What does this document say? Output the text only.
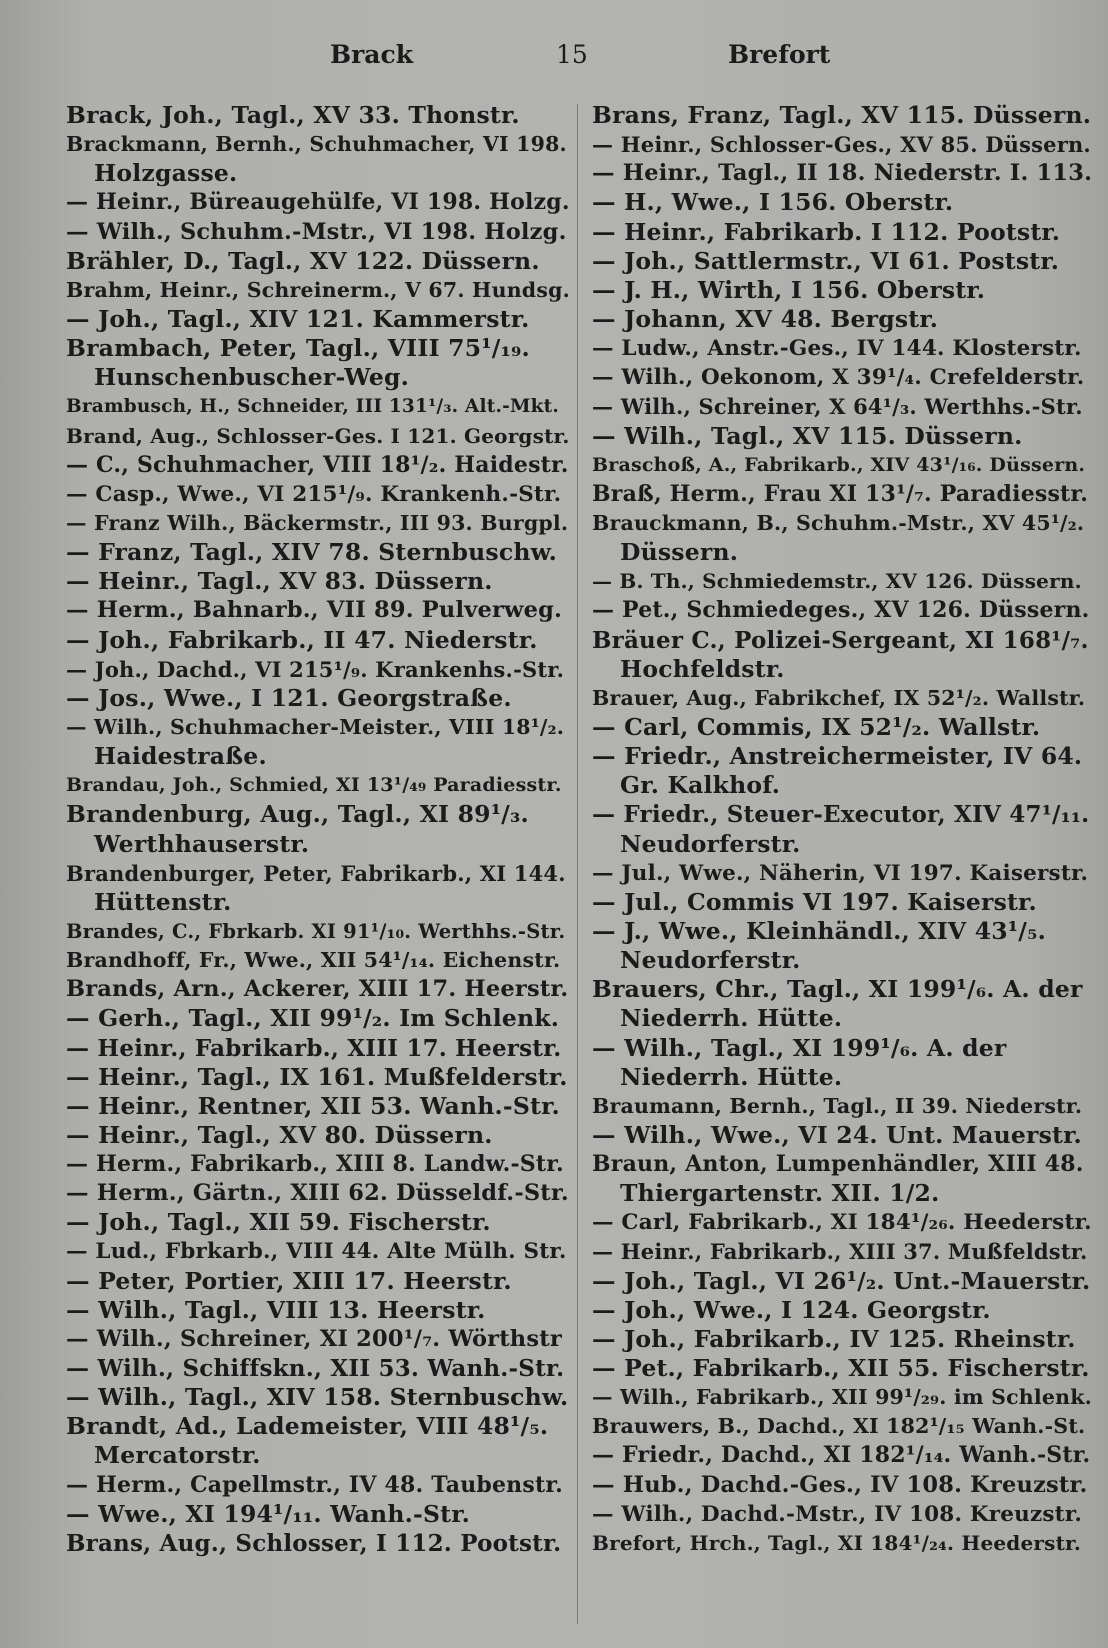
Brack	15	Brefort
Brack, Joh., Tagl., XV 33. Thonstr.
Brackmann, Bernh., Schuhmacher, VI 198.
Holzgasse.
— Heinr., Büreaugehülfe, VI 198. Holzg.
— Wilh., Schuhm.-Mstr., VI 198. Holzg.
Brähler, D., Tagl., XV 122. Düssern.
Brahm, Heinr., Schreinerm., V 67. Hundsg.
— Joh., Tagl., XIV 121. Kammerstr.
Brambach, Peter, Tagl., VIII 75¹/₁₉.
Hunschenbuscher-Weg.
Brambusch, H., Schneider, III 131¹/₃. Alt.-Mkt.
Brand, Aug., Schlosser-Ges. I 121. Georgstr.
— C., Schuhmacher, VIII 18¹/₂. Haidestr.
— Casp., Wwe., VI 215¹/₉. Krankenh.-Str.
— Franz Wilh., Bäckermstr., III 93. Burgpl.
— Franz, Tagl., XIV 78. Sternbuschw.
— Heinr., Tagl., XV 83. Düssern.
— Herm., Bahnarb., VII 89. Pulverweg.
— Joh., Fabrikarb., II 47. Niederstr.
— Joh., Dachd., VI 215¹/₉. Krankenhs.-Str.
— Jos., Wwe., I 121. Georgstraße.
— Wilh., Schuhmacher-Meister., VIII 18¹/₂.
Haidestraße.
Brandau, Joh., Schmied, XI 13¹/₄₉ Paradiesstr.
Brandenburg, Aug., Tagl., XI 89¹/₃.
Werthhauserstr.
Brandenburger, Peter, Fabrikarb., XI 144.
Hüttenstr.
Brandes, C., Fbrkarb. XI 91¹/₁₀. Werthhs.-Str.
Brandhoff, Fr., Wwe., XII 54¹/₁₄. Eichenstr.
Brands, Arn., Ackerer, XIII 17. Heerstr.
— Gerh., Tagl., XII 99¹/₂. Im Schlenk.
— Heinr., Fabrikarb., XIII 17. Heerstr.
— Heinr., Tagl., IX 161. Mußfelderstr.
— Heinr., Rentner, XII 53. Wanh.-Str.
— Heinr., Tagl., XV 80. Düssern.
— Herm., Fabrikarb., XIII 8. Landw.-Str.
— Herm., Gärtn., XIII 62. Düsseldf.-Str.
— Joh., Tagl., XII 59. Fischerstr.
— Lud., Fbrkarb., VIII 44. Alte Mülh. Str.
— Peter, Portier, XIII 17. Heerstr.
— Wilh., Tagl., VIII 13. Heerstr.
— Wilh., Schreiner, XI 200¹/₇. Wörthstr
— Wilh., Schiffskn., XII 53. Wanh.-Str.
— Wilh., Tagl., XIV 158. Sternbuschw.
Brandt, Ad., Lademeister, VIII 48¹/₅.
Mercatorstr.
— Herm., Capellmstr., IV 48. Taubenstr.
— Wwe., XI 194¹/₁₁. Wanh.-Str.
Brans, Aug., Schlosser, I 112. Pootstr.
Brans, Franz, Tagl., XV 115. Düssern.
— Heinr., Schlosser-Ges., XV 85. Düssern.
— Heinr., Tagl., II 18. Niederstr. I. 113.
— H., Wwe., I 156. Oberstr.
— Heinr., Fabrikarb. I 112. Pootstr.
— Joh., Sattlermstr., VI 61. Poststr.
— J. H., Wirth, I 156. Oberstr.
— Johann, XV 48. Bergstr.
— Ludw., Anstr.-Ges., IV 144. Klosterstr.
— Wilh., Oekonom, X 39¹/₄. Crefelderstr.
— Wilh., Schreiner, X 64¹/₃. Werthhs.-Str.
— Wilh., Tagl., XV 115. Düssern.
Braschoß, A., Fabrikarb., XIV 43¹/₁₆. Düssern.
Braß, Herm., Frau XI 13¹/₇. Paradiesstr.
Brauckmann, B., Schuhm.-Mstr., XV 45¹/₂.
Düssern.
— B. Th., Schmiedemstr., XV 126. Düssern.
— Pet., Schmiedeges., XV 126. Düssern.
Bräuer C., Polizei-Sergeant, XI 168¹/₇.
Hochfeldstr.
Brauer, Aug., Fabrikchef, IX 52¹/₂. Wallstr.
— Carl, Commis, IX 52¹/₂. Wallstr.
— Friedr., Anstreichermeister, IV 64.
Gr. Kalkhof.
— Friedr., Steuer-Executor, XIV 47¹/₁₁.
Neudorferstr.
— Jul., Wwe., Näherin, VI 197. Kaiserstr.
— Jul., Commis VI 197. Kaiserstr.
— J., Wwe., Kleinhändl., XIV 43¹/₅.
Neudorferstr.
Brauers, Chr., Tagl., XI 199¹/₆. A. der
Niederrh. Hütte.
— Wilh., Tagl., XI 199¹/₆. A. der
Niederrh. Hütte.
Braumann, Bernh., Tagl., II 39. Niederstr.
— Wilh., Wwe., VI 24. Unt. Mauerstr.
Braun, Anton, Lumpenhändler, XIII 48.
Thiergartenstr. XII. 1/2.
— Carl, Fabrikarb., XI 184¹/₂₆. Heederstr.
— Heinr., Fabrikarb., XIII 37. Mußfeldstr.
— Joh., Tagl., VI 26¹/₂. Unt.-Mauerstr.
— Joh., Wwe., I 124. Georgstr.
— Joh., Fabrikarb., IV 125. Rheinstr.
— Pet., Fabrikarb., XII 55. Fischerstr.
— Wilh., Fabrikarb., XII 99¹/₂₉. im Schlenk.
Brauwers, B., Dachd., XI 182¹/₁₅ Wanh.-St.
— Friedr., Dachd., XI 182¹/₁₄. Wanh.-Str.
— Hub., Dachd.-Ges., IV 108. Kreuzstr.
— Wilh., Dachd.-Mstr., IV 108. Kreuzstr.
Brefort, Hrch., Tagl., XI 184¹/₂₄. Heederstr.
